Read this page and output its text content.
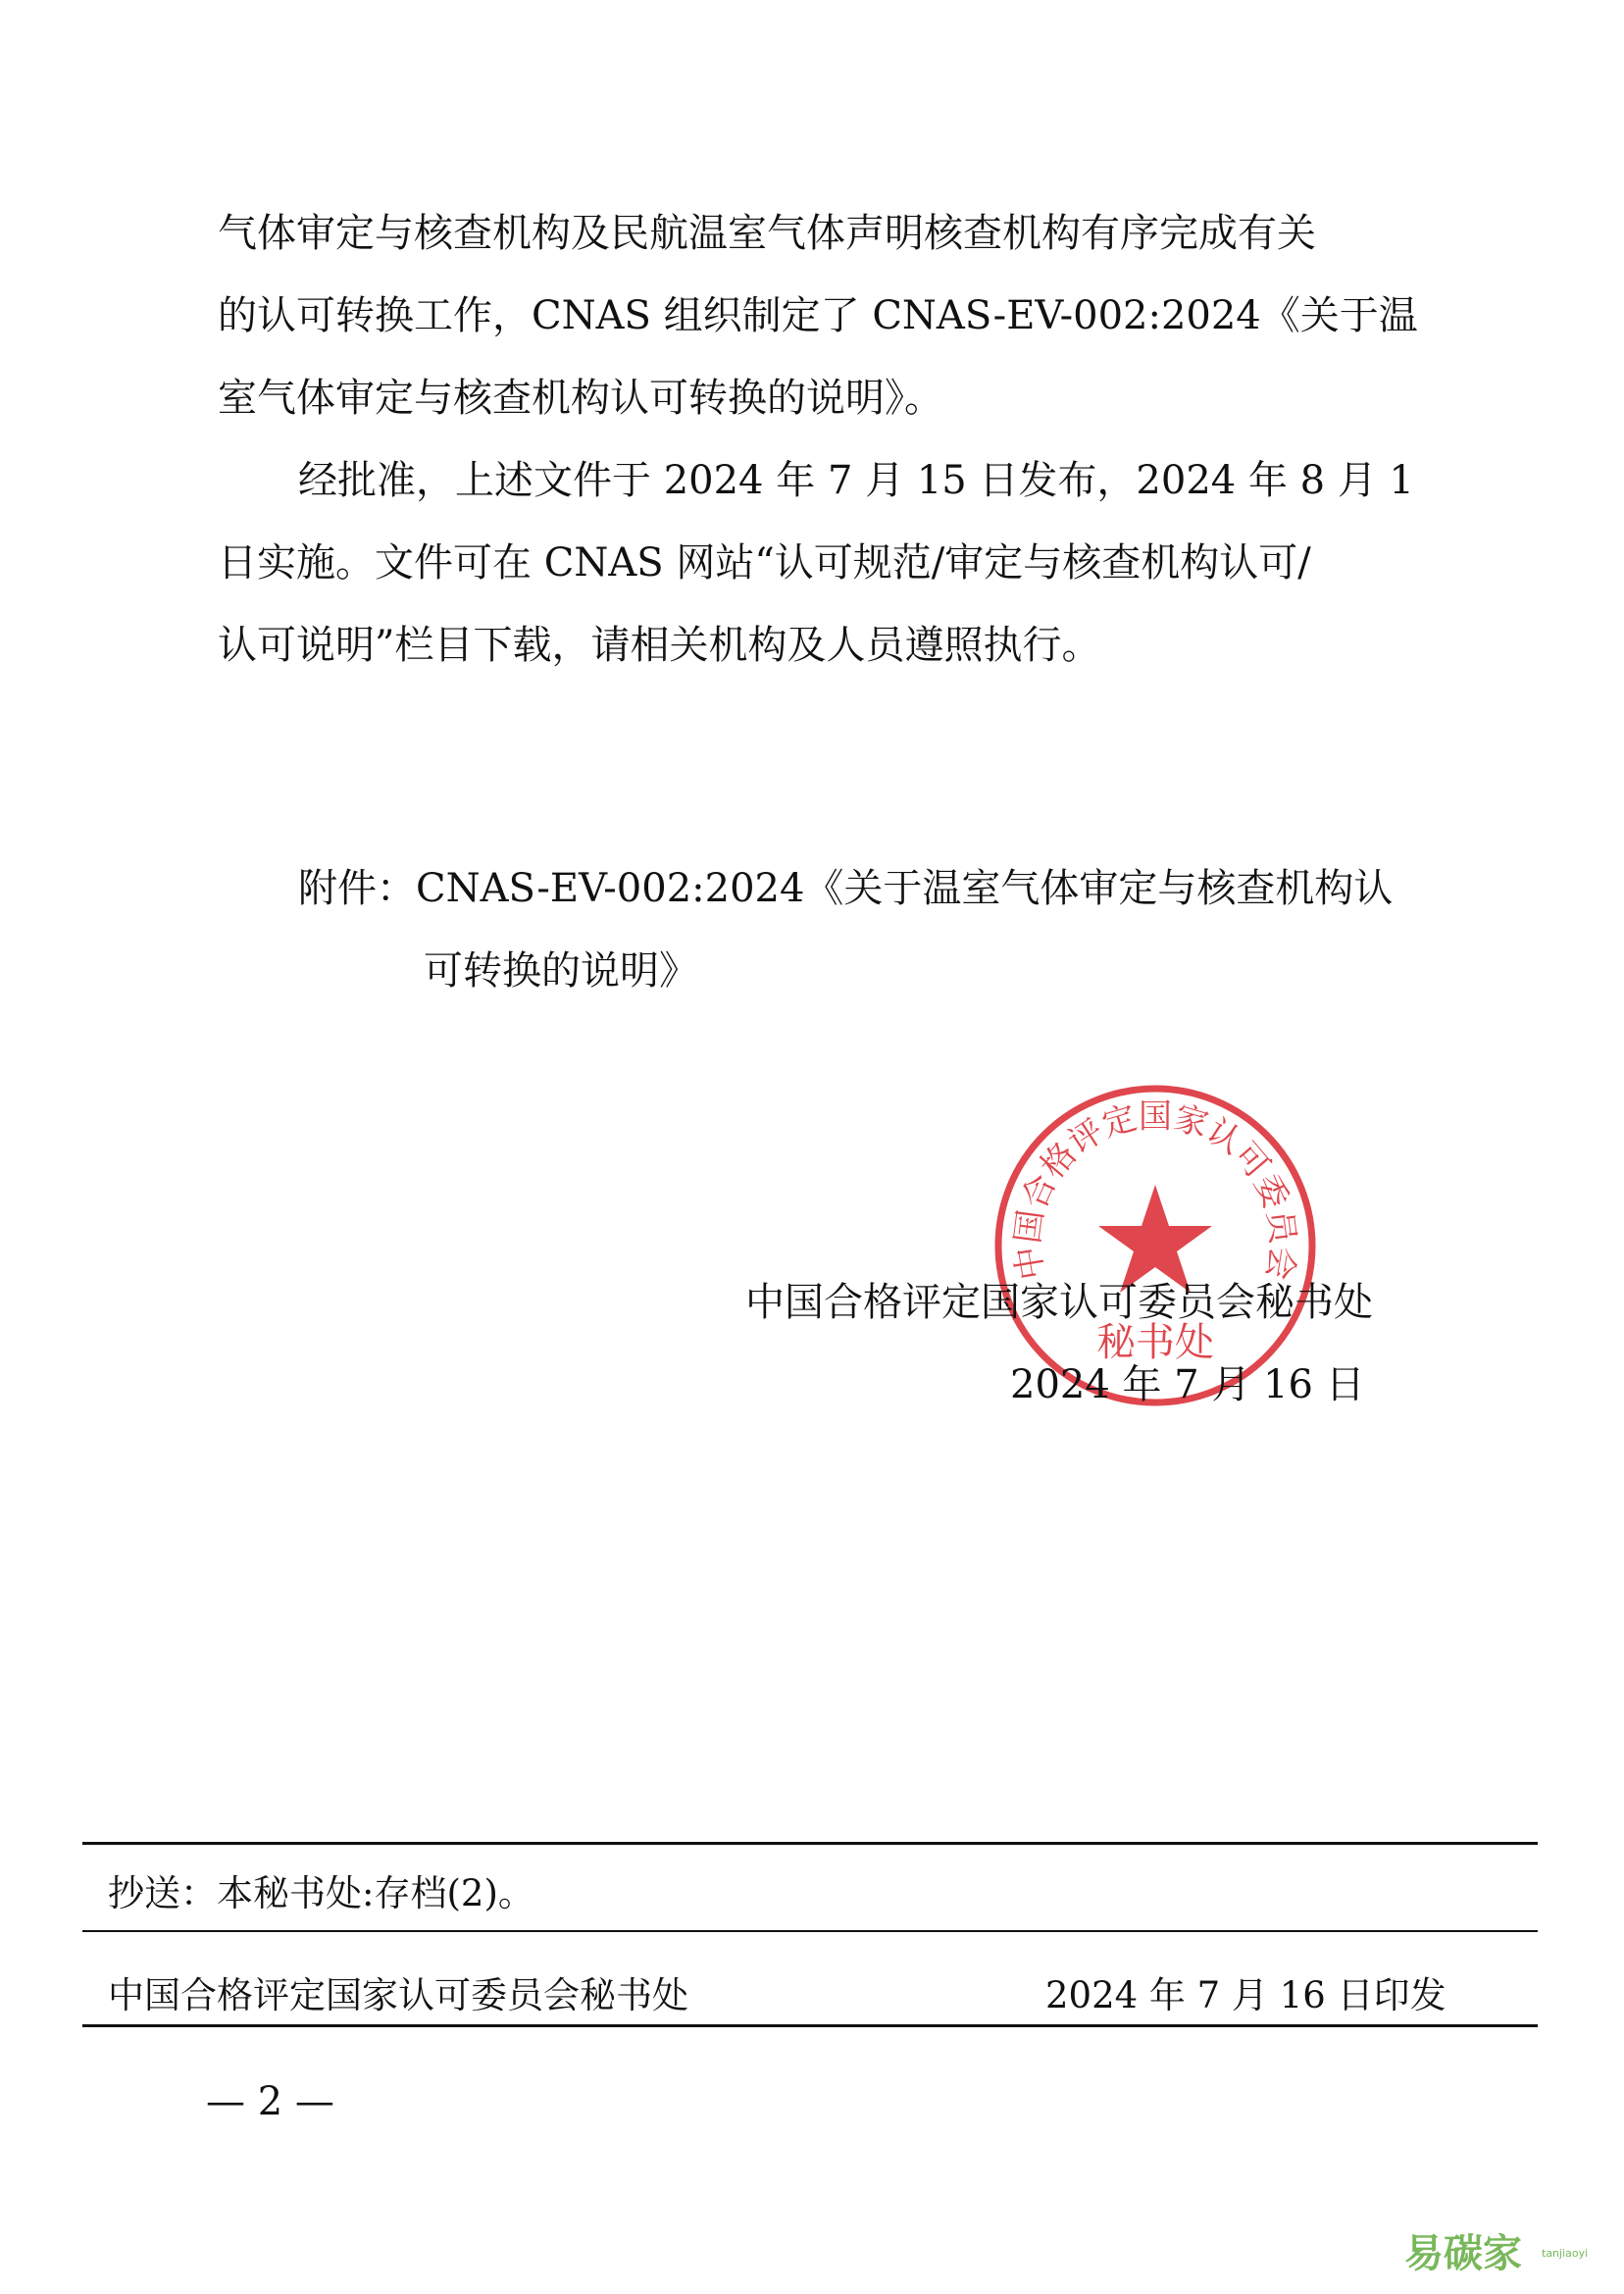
气体审定与核查机构及民航温室气体声明核查机构有序完成有关
的认可转换工作，CNAS 组织制定了 CNAS-EV-002:2024《关于温
室气体审定与核查机构认可转换的说明》。
经批准，上述文件于 2024 年 7 月 15 日发布，2024 年 8 月 1
日实施。文件可在 CNAS 网站“认可规范/审定与核查机构认可/
认可说明”栏目下载，请相关机构及人员遵照执行。
附件：CNAS-EV-002:2024《关于温室气体审定与核查机构认
可转换的说明》
中国合格评定国家认可委员会
秘书处
中国合格评定国家认可委员会秘书处
2024 年 7 月 16 日
抄送：本秘书处:存档(2)。
中国合格评定国家认可委员会秘书处	2024 年 7 月 16 日印发
— 2 —
易碳家 tanjiaoyi
